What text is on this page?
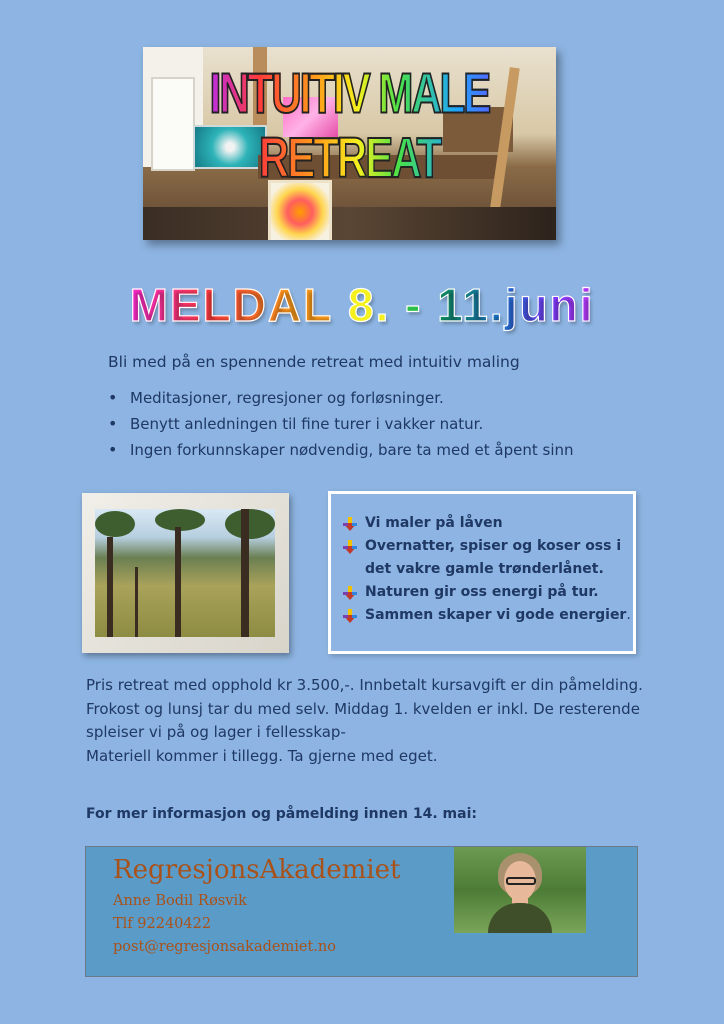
INTUITIV MALE RETREAT
MELDAL 8. - 11.juni
Bli med på en spennende retreat med intuitiv maling
• Meditasjoner, regresjoner og forløsninger.
• Benytt anledningen til fine turer i vakker natur.
• Ingen forkunnskaper nødvendig, bare ta med et åpent sinn
Vi maler på låven
Overnatter, spiser og koser oss i det vakre gamle trønderlånet.
Naturen gir oss energi på tur.
Sammen skaper vi gode energier.

Pris retreat med opphold kr 3.500,-. Innbetalt kursavgift er din påmelding.

Frokost og lunsj tar du med selv. Middag 1. kvelden er inkl. De resterende

spleiser vi på og lager i fellesskap-

Materiell kommer i tillegg. Ta gjerne med eget.

For mer informasjon og påmelding innen 14. mai:
RegresjonsAkademiet
Anne Bodil Røsvik
Tlf 92240422
post@regresjonsakademiet.no
